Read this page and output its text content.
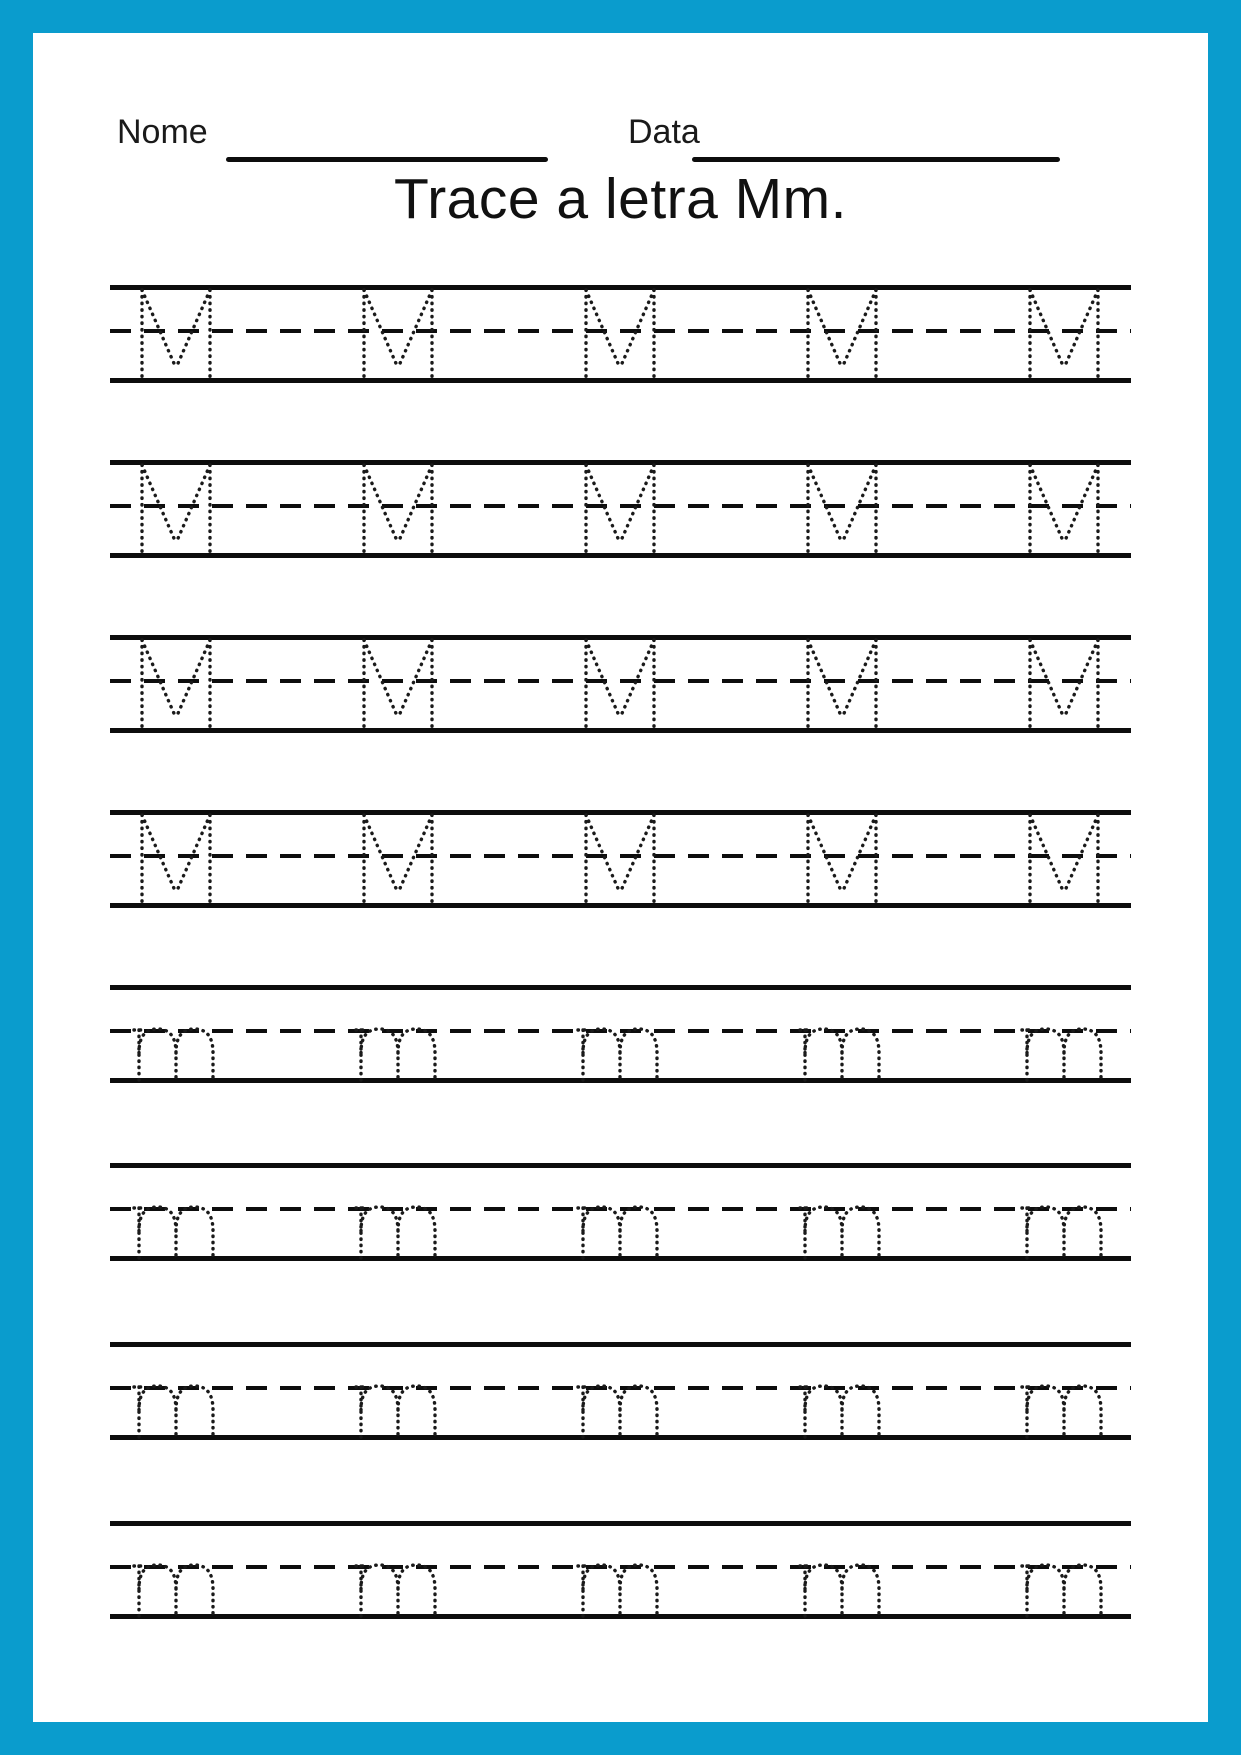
Nome	Data
Trace a letra Mm.
